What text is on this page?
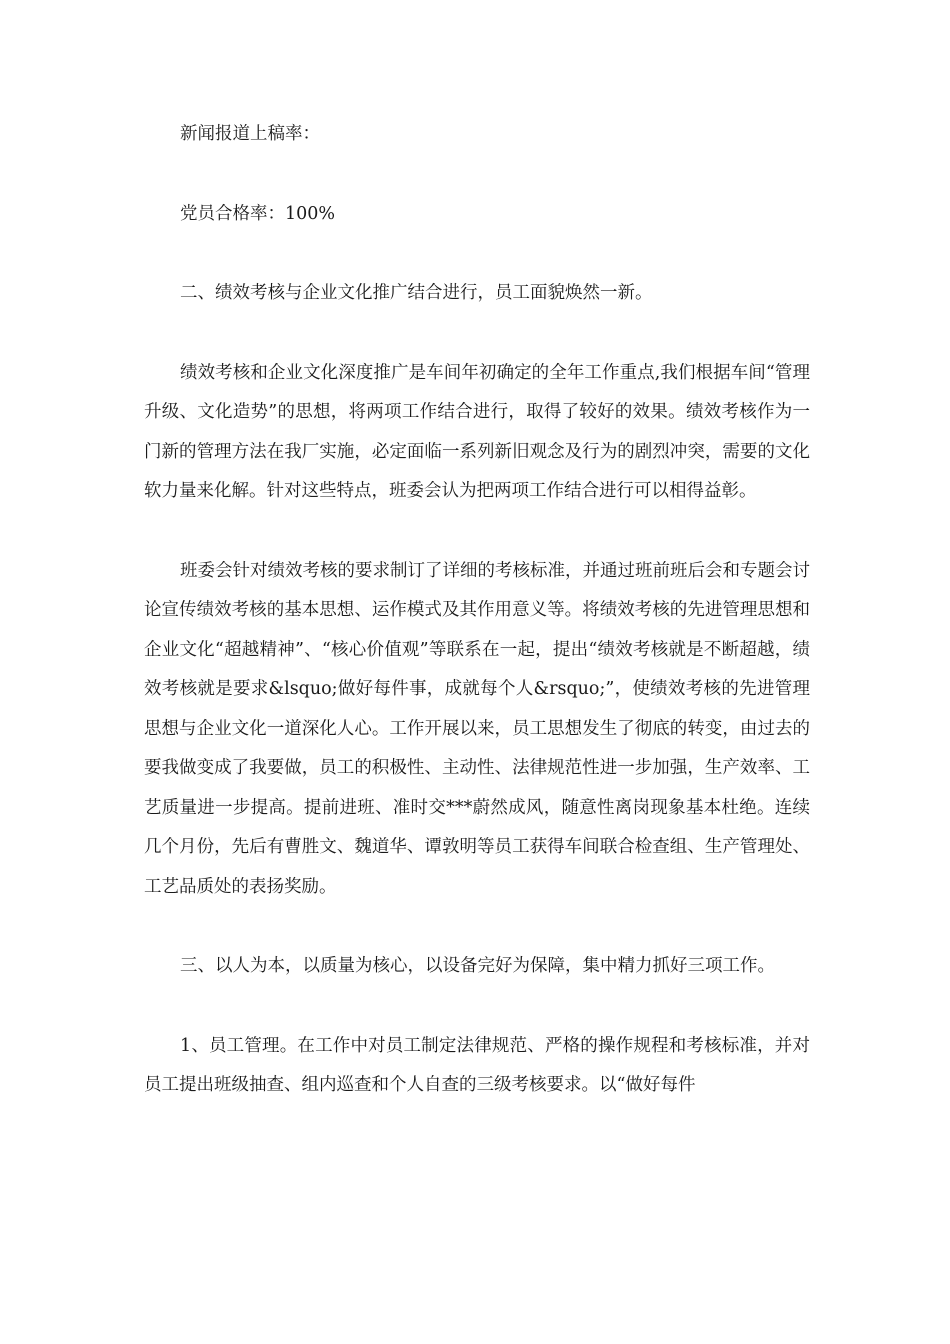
新闻报道上稿率：

党员合格率：100%

二、绩效考核与企业文化推广结合进行，员工面貌焕然一新。

绩效考核和企业文化深度推广是车间年初确定的全年工作重点,我们根据车间“管理升级、文化造势”的思想，将两项工作结合进行，取得了较好的效果。绩效考核作为一门新的管理方法在我厂实施，必定面临一系列新旧观念及行为的剧烈冲突，需要的文化软力量来化解。针对这些特点，班委会认为把两项工作结合进行可以相得益彰。

班委会针对绩效考核的要求制订了详细的考核标准，并通过班前班后会和专题会讨论宣传绩效考核的基本思想、运作模式及其作用意义等。将绩效考核的先进管理思想和企业文化“超越精神”、“核心价值观”等联系在一起，提出“绩效考核就是不断超越，绩效考核就是要求&lsquo;做好每件事，成就每个人&rsquo;”，使绩效考核的先进管理思想与企业文化一道深化人心。工作开展以来，员工思想发生了彻底的转变，由过去的要我做变成了我要做，员工的积极性、主动性、法律规范性进一步加强，生产效率、工艺质量进一步提高。提前进班、准时交***蔚然成风，随意性离岗现象基本杜绝。连续几个月份，先后有曹胜文、魏道华、谭敦明等员工获得车间联合检查组、生产管理处、工艺品质处的表扬奖励。

三、以人为本，以质量为核心，以设备完好为保障，集中精力抓好三项工作。

1、员工管理。在工作中对员工制定法律规范、严格的操作规程和考核标准，并对员工提出班级抽查、组内巡查和个人自查的三级考核要求。以“做好每件
